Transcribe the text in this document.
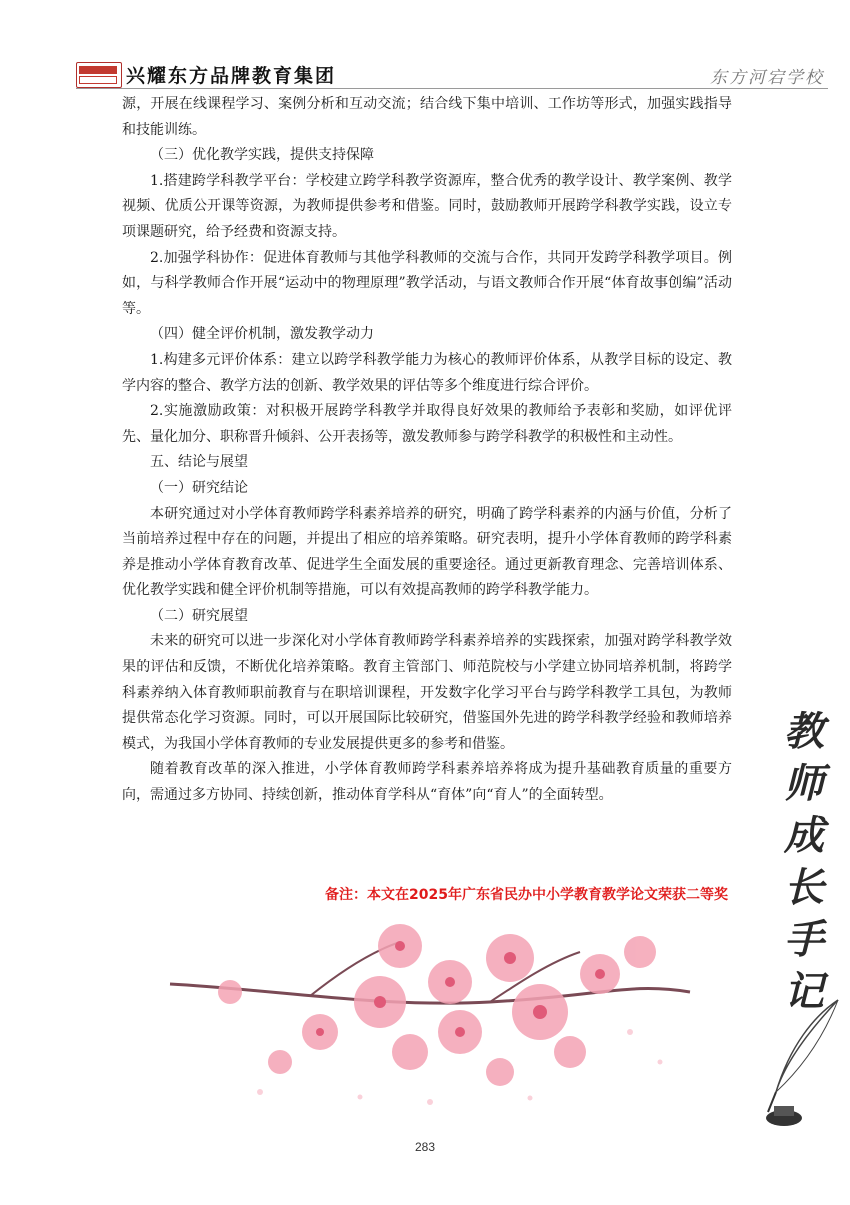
兴耀东方品牌教育集团	东方河宕学校

源，开展在线课程学习、案例分析和互动交流；结合线下集中培训、工作坊等形式，加强实践指导和技能训练。

（三）优化教学实践，提供支持保障

1.搭建跨学科教学平台：学校建立跨学科教学资源库，整合优秀的教学设计、教学案例、教学视频、优质公开课等资源，为教师提供参考和借鉴。同时，鼓励教师开展跨学科教学实践，设立专项课题研究，给予经费和资源支持。

2.加强学科协作：促进体育教师与其他学科教师的交流与合作，共同开发跨学科教学项目。例如，与科学教师合作开展“运动中的物理原理”教学活动，与语文教师合作开展“体育故事创编”活动等。

（四）健全评价机制，激发教学动力

1.构建多元评价体系：建立以跨学科教学能力为核心的教师评价体系，从教学目标的设定、教学内容的整合、教学方法的创新、教学效果的评估等多个维度进行综合评价。

2.实施激励政策：对积极开展跨学科教学并取得良好效果的教师给予表彰和奖励，如评优评先、量化加分、职称晋升倾斜、公开表扬等，激发教师参与跨学科教学的积极性和主动性。

五、结论与展望

（一）研究结论

本研究通过对小学体育教师跨学科素养培养的研究，明确了跨学科素养的内涵与价值，分析了当前培养过程中存在的问题，并提出了相应的培养策略。研究表明，提升小学体育教师的跨学科素养是推动小学体育教育改革、促进学生全面发展的重要途径。通过更新教育理念、完善培训体系、优化教学实践和健全评价机制等措施，可以有效提高教师的跨学科教学能力。

（二）研究展望

未来的研究可以进一步深化对小学体育教师跨学科素养培养的实践探索，加强对跨学科教学效果的评估和反馈，不断优化培养策略。教育主管部门、师范院校与小学建立协同培养机制，将跨学科素养纳入体育教师职前教育与在职培训课程，开发数字化学习平台与跨学科教学工具包，为教师提供常态化学习资源。同时，可以开展国际比较研究，借鉴国外先进的跨学科教学经验和教师培养模式，为我国小学体育教师的专业发展提供更多的参考和借鉴。

随着教育改革的深入推进，小学体育教师跨学科素养培养将成为提升基础教育质量的重要方向，需通过多方协同、持续创新，推动体育学科从“育体”向“育人”的全面转型。

备注：本文在2025年广东省民办中小学教育教学论文荣获二等奖
教
师
成
长
手
记
283
